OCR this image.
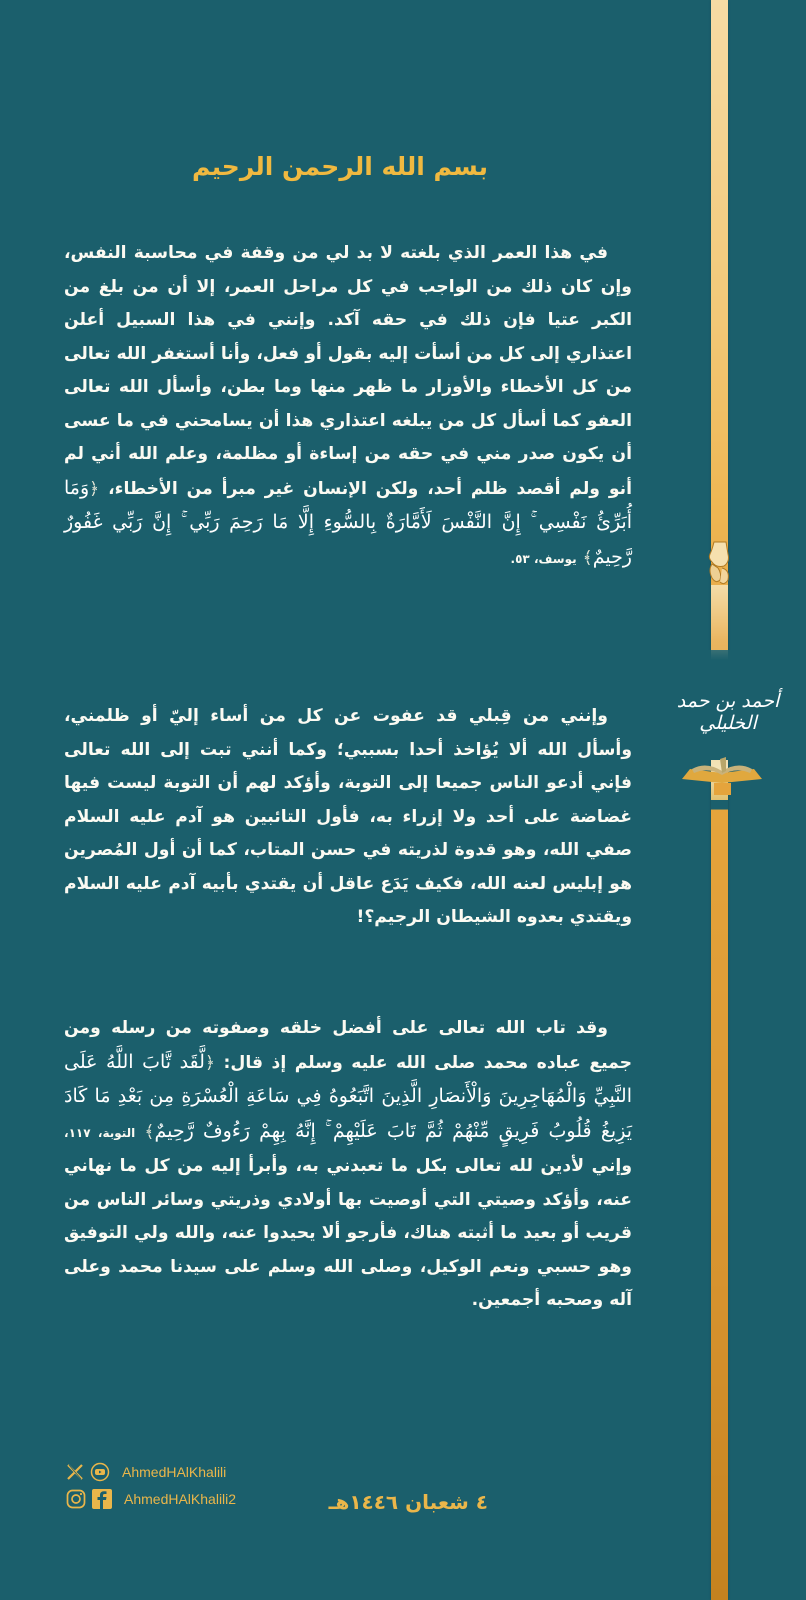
أحمد بن حمد الخليلي
بسم الله الرحمن الرحيم
في هذا العمر الذي بلغته لا بد لي من وقفة في محاسبة النفس، وإن كان ذلك من الواجب في كل مراحل العمر، إلا أن من بلغ من الكبر عتيا فإن ذلك في حقه آكد. وإنني في هذا السبيل أعلن اعتذاري إلى كل من أسأت إليه بقول أو فعل، وأنا أستغفر الله تعالى من كل الأخطاء والأوزار ما ظهر منها وما بطن، وأسأل الله تعالى العفو كما أسأل كل من يبلغه اعتذاري هذا أن يسامحني في ما عسى أن يكون صدر مني في حقه من إساءة أو مظلمة، وعلم الله أني لم أنو ولم أقصد ظلم أحد، ولكن الإنسان غير مبرأ من الأخطاء، ﴿وَمَا أُبَرِّئُ نَفْسِي ۚ إِنَّ النَّفْسَ لَأَمَّارَةٌ بِالسُّوءِ إِلَّا مَا رَحِمَ رَبِّي ۚ إِنَّ رَبِّي غَفُورٌ رَّحِيمٌ﴾ يوسف، ٥٣.
وإنني من قِبلي قد عفوت عن كل من أساء إليّ أو ظلمني، وأسأل الله ألا يُؤاخذ أحدا بسببي؛ وكما أنني تبت إلى الله تعالى فإني أدعو الناس جميعا إلى التوبة، وأؤكد لهم أن التوبة ليست فيها غضاضة على أحد ولا إزراء به، فأول التائبين هو آدم عليه السلام صفي الله، وهو قدوة لذريته في حسن المتاب، كما أن أول المُصرين هو إبليس لعنه الله، فكيف يَدَع عاقل أن يقتدي بأبيه آدم عليه السلام ويقتدي بعدوه الشيطان الرجيم؟!
وقد تاب الله تعالى على أفضل خلقه وصفوته من رسله ومن جميع عباده محمد صلى الله عليه وسلم إذ قال: ﴿لَّقَد تَّابَ اللَّهُ عَلَى النَّبِيِّ وَالْمُهَاجِرِينَ وَالْأَنصَارِ الَّذِينَ اتَّبَعُوهُ فِي سَاعَةِ الْعُسْرَةِ مِن بَعْدِ مَا كَادَ يَزِيغُ قُلُوبُ فَرِيقٍ مِّنْهُمْ ثُمَّ تَابَ عَلَيْهِمْ ۚ إِنَّهُ بِهِمْ رَءُوفٌ رَّحِيمٌ﴾ التوبة، ١١٧، وإني لأدين لله تعالى بكل ما تعبدني به، وأبرأ إليه من كل ما نهاني عنه، وأؤكد وصيتي التي أوصيت بها أولادي وذريتي وسائر الناس من قريب أو بعيد ما أثبته هناك، فأرجو ألا يحيدوا عنه، والله ولي التوفيق وهو حسبي ونعم الوكيل، وصلى الله وسلم على سيدنا محمد وعلى آله وصحبه أجمعين.
AhmedHAlKhalili
AhmedHAlKhalili2	٤ شعبان ١٤٤٦هـ
